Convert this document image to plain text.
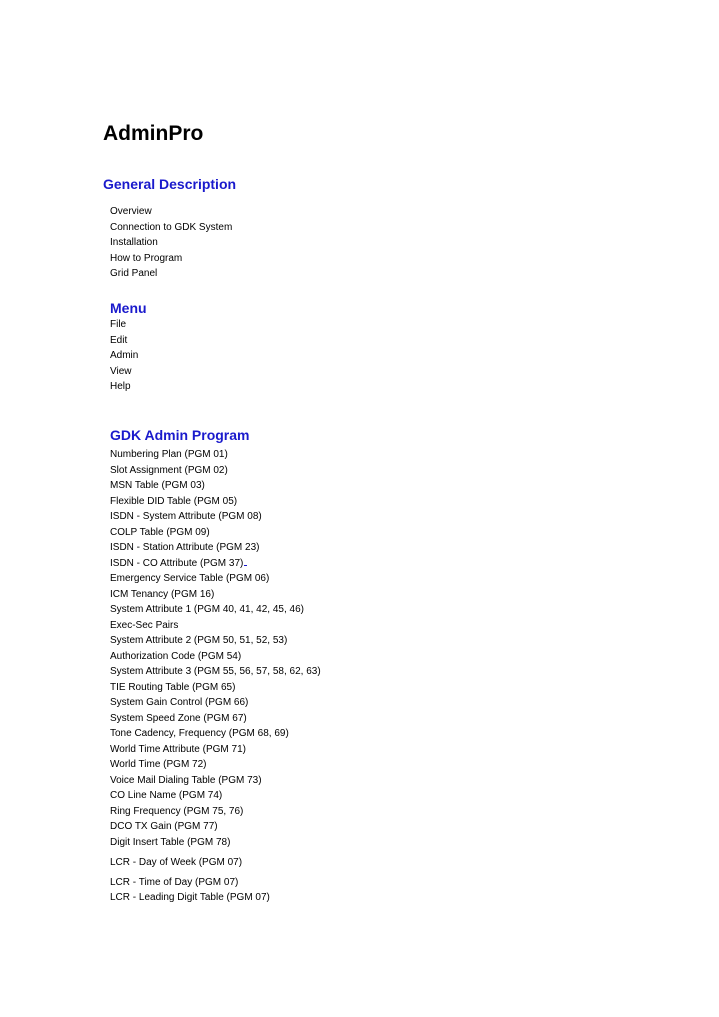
AdminPro
General Description
Overview
Connection to GDK System
Installation
How to Program
Grid Panel
Menu
File
Edit
Admin
View
Help
GDK Admin Program
Numbering Plan (PGM 01)
Slot Assignment (PGM 02)
MSN Table (PGM 03)
Flexible DID Table (PGM 05)
ISDN - System Attribute (PGM 08)
COLP Table (PGM 09)
ISDN - Station Attribute (PGM 23)
ISDN - CO Attribute (PGM 37)
Emergency Service Table (PGM 06)
ICM Tenancy (PGM 16)
System Attribute 1 (PGM 40, 41, 42, 45, 46)
Exec-Sec Pairs
System Attribute 2 (PGM 50, 51, 52, 53)
Authorization Code (PGM 54)
System Attribute 3 (PGM 55, 56, 57, 58, 62, 63)
TIE Routing Table (PGM 65)
System Gain Control (PGM 66)
System Speed Zone (PGM 67)
Tone Cadency, Frequency (PGM 68, 69)
World Time Attribute (PGM 71)
World Time (PGM 72)
Voice Mail Dialing Table (PGM 73)
CO Line Name (PGM 74)
Ring Frequency (PGM 75, 76)
DCO TX Gain (PGM 77)
Digit Insert Table (PGM 78)
LCR - Day of Week (PGM 07)
LCR - Time of Day (PGM 07)
LCR - Leading Digit Table (PGM 07)
